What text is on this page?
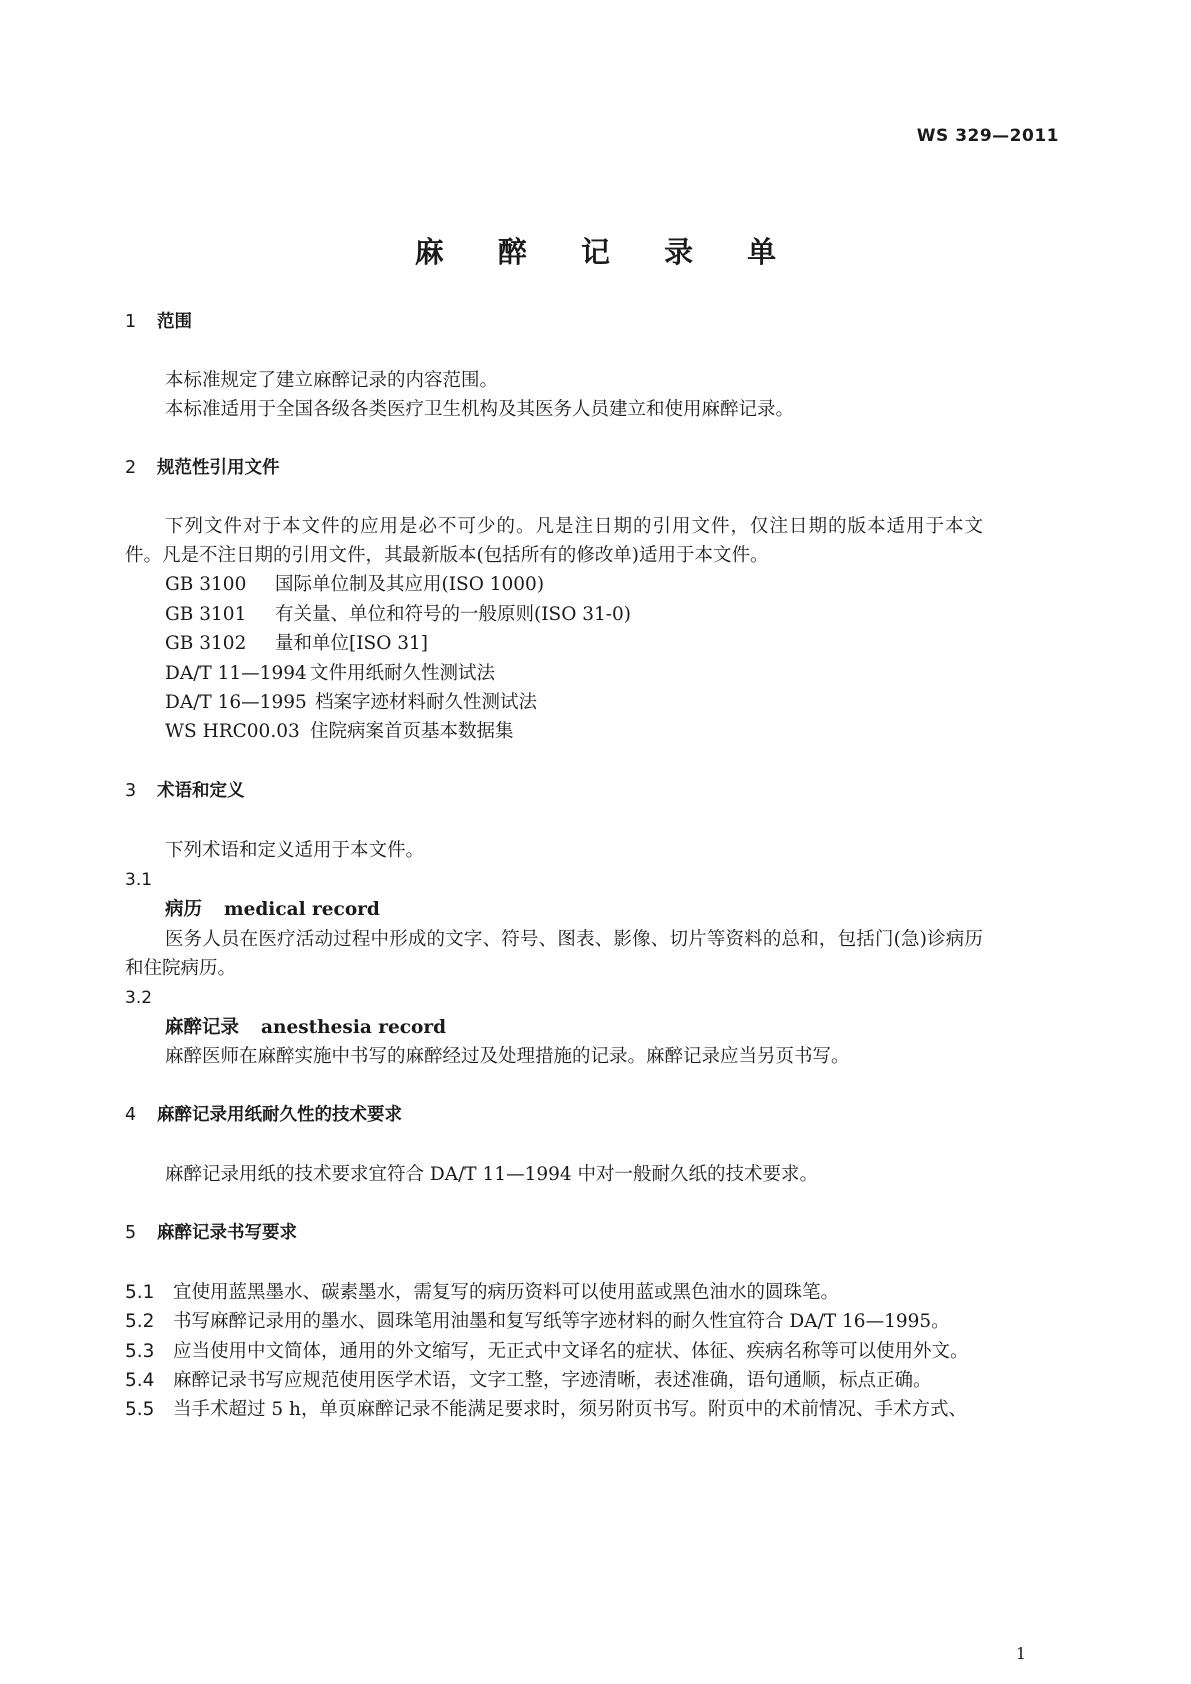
WS 329—2011
麻 醉 记 录 单
1 范围
本标准规定了建立麻醉记录的内容范围。
本标准适用于全国各级各类医疗卫生机构及其医务人员建立和使用麻醉记录。
2 规范性引用文件
下列文件对于本文件的应用是必不可少的。凡是注日期的引用文件，仅注日期的版本适用于本文
件。凡是不注日期的引用文件，其最新版本(包括所有的修改单)适用于本文件。
GB 3100 国际单位制及其应用(ISO 1000)
GB 3101 有关量、单位和符号的一般原则(ISO 31-0)
GB 3102 量和单位[ISO 31]
DA/T 11—1994 文件用纸耐久性测试法
DA/T 16—1995 档案字迹材料耐久性测试法
WS HRC00.03 住院病案首页基本数据集
3 术语和定义
下列术语和定义适用于本文件。
3.1
病历 medical record
医务人员在医疗活动过程中形成的文字、符号、图表、影像、切片等资料的总和，包括门(急)诊病历
和住院病历。
3.2
麻醉记录 anesthesia record
麻醉医师在麻醉实施中书写的麻醉经过及处理措施的记录。麻醉记录应当另页书写。
4 麻醉记录用纸耐久性的技术要求
麻醉记录用纸的技术要求宜符合 DA/T 11—1994 中对一般耐久纸的技术要求。
5 麻醉记录书写要求
5.1 宜使用蓝黑墨水、碳素墨水，需复写的病历资料可以使用蓝或黑色油水的圆珠笔。
5.2 书写麻醉记录用的墨水、圆珠笔用油墨和复写纸等字迹材料的耐久性宜符合 DA/T 16—1995。
5.3 应当使用中文简体，通用的外文缩写，无正式中文译名的症状、体征、疾病名称等可以使用外文。
5.4 麻醉记录书写应规范使用医学术语，文字工整，字迹清晰，表述准确，语句通顺，标点正确。
5.5 当手术超过 5 h，单页麻醉记录不能满足要求时，须另附页书写。附页中的术前情况、手术方式、
1
